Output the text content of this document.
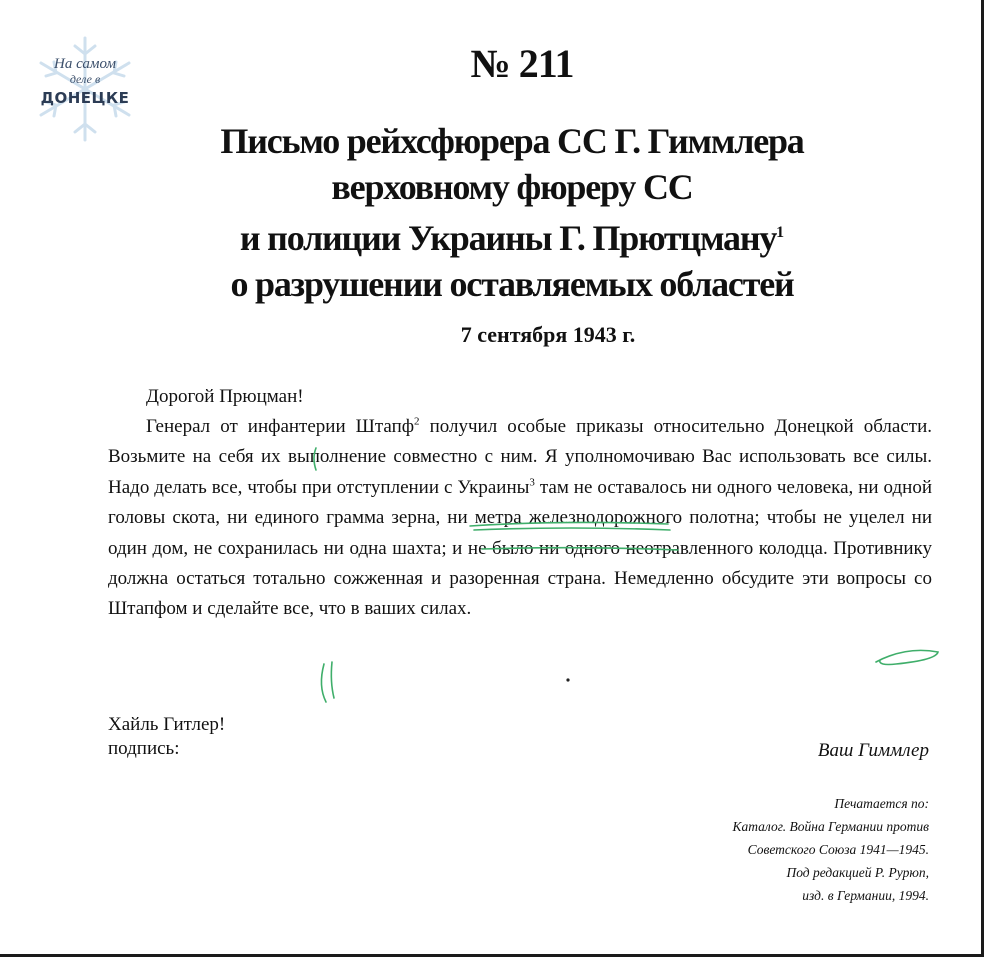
На самом
деле в
ДОНЕЦКЕ
№ 211
Письмо рейхсфюрера СС Г. Гиммлера
верховному фюреру СС
и полиции Украины Г. Прютцману$^1$
о разрушении оставляемых областей
7 сентября 1943 г.
Дорогой Прюцман!

Генерал от инфантерии Штапф$^2$ получил особые приказы относительно Донецкой области. Возьмите на себя их выполнение совместно с ним. Я уполномочиваю Вас использовать все силы. Надо делать все, чтобы при отступлении с Украины$^3$ там не оставалось ни одного человека, ни одной головы скота, ни единого грамма зерна, ни метра железнодорожного полотна; чтобы не уцелел ни один дом, не сохранилась ни одна шахта; и не было ни одного неотравленного колодца. Противнику должна остаться тотально сожженная и разоренная страна. Немедленно обсудите эти вопросы со Штапфом и сделайте все, что в ваших силах.

Хайль Гитлер!
подпись:	Ваш Гиммлер
Печатается по:
Каталог. Война Германии против
Советского Союза 1941—1945.
Под редакцией Р. Рурюп,
изд. в Германии, 1994.
